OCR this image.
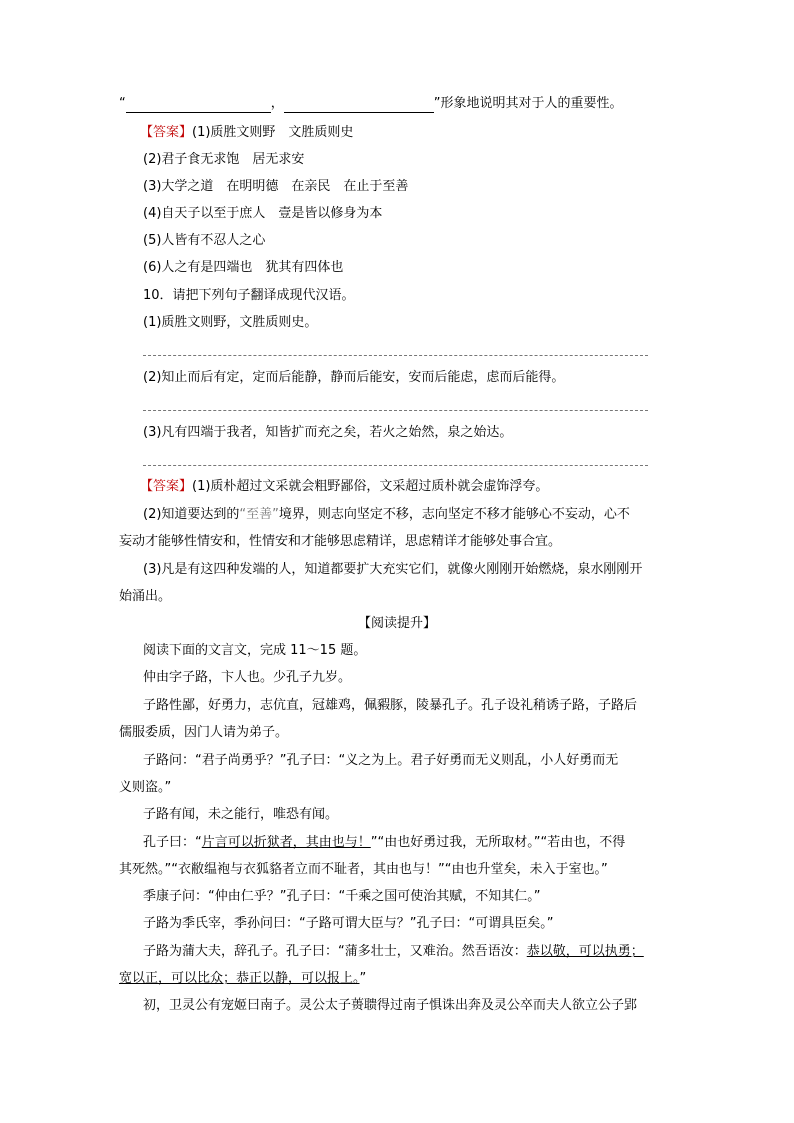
“	，	”形象地说明其对于人的重要性。
【答案】(1)质胜文则野　文胜质则史
(2)君子食无求饱　居无求安
(3)大学之道　在明明德　在亲民　在止于至善
(4)自天子以至于庶人　壹是皆以修身为本
(5)人皆有不忍人之心
(6)人之有是四端也　犹其有四体也
10．请把下列句子翻译成现代汉语。
(1)质胜文则野，文胜质则史。
(2)知止而后有定，定而后能静，静而后能安，安而后能虑，虑而后能得。
(3)凡有四端于我者，知皆扩而充之矣，若火之始然，泉之始达。
【答案】(1)质朴超过文采就会粗野鄙俗，文采超过质朴就会虚饰浮夸。
(2)知道要达到的“至善”境界，则志向坚定不移，志向坚定不移才能够心不妄动，心不
妄动才能够性情安和，性情安和才能够思虑精详，思虑精详才能够处事合宜。
(3)凡是有这四种发端的人，知道都要扩大充实它们，就像火刚刚开始燃烧，泉水刚刚开
始涌出。
【阅读提升】
阅读下面的文言文，完成 11～15 题。
仲由字子路，卞人也。少孔子九岁。
子路性鄙，好勇力，志伉直，冠雄鸡，佩豭豚，陵暴孔子。孔子设礼稍诱子路，子路后
儒服委质，因门人请为弟子。
子路问：“君子尚勇乎？”孔子曰：“义之为上。君子好勇而无义则乱，小人好勇而无
义则盗。”
子路有闻，未之能行，唯恐有闻。
孔子曰：“片言可以折狱者，其由也与！”“由也好勇过我，无所取材。”“若由也，不得
其死然。”“衣敝缊袍与衣狐貉者立而不耻者，其由也与！”“由也升堂矣，未入于室也。”
季康子问：“仲由仁乎？”孔子曰：“千乘之国可使治其赋，不知其仁。”
子路为季氏宰，季孙问曰：“子路可谓大臣与？”孔子曰：“可谓具臣矣。”
子路为蒲大夫，辞孔子。孔子曰：“蒲多壮士，又难治。然吾语汝：恭以敬，可以执勇；
宽以正，可以比众；恭正以静，可以报上。”
初，卫灵公有宠姬曰南子。灵公太子蒉聩得过南子惧诛出奔及灵公卒而夫人欲立公子郢
